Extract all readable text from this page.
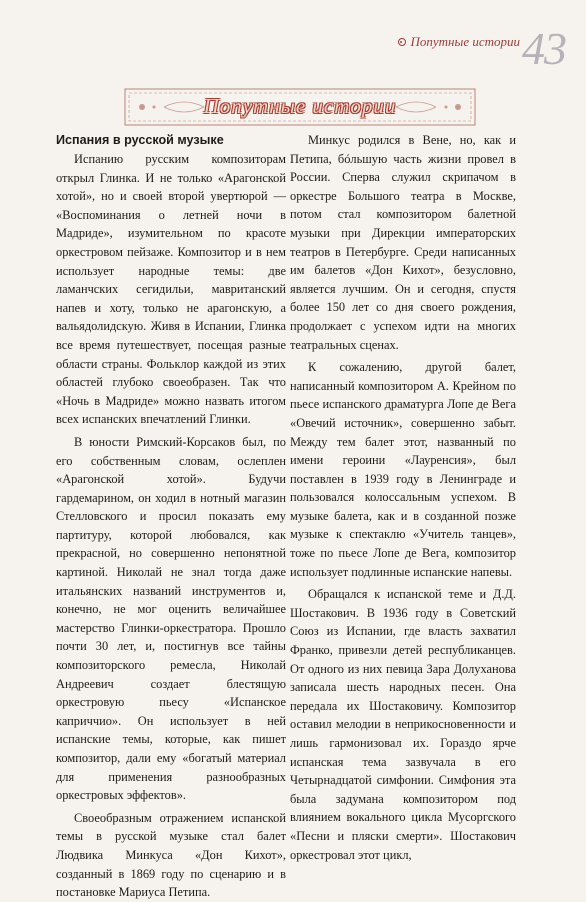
Попутные истории 43
Попутные истории
Испания в русской музыке

Испанию русским композиторам открыл Глинка. И не только «Арагонской хотой», но и своей второй увертюрой — «Воспоминания о летней ночи в Мадриде», изумительном по красоте оркестровом пейзаже. Композитор и в нем использует народные темы: две ламанчских сегидильи, мавританский напев и хоту, только не арагонскую, а вальядолидскую. Живя в Испании, Глинка все время путешествует, посещая разные области страны. Фольклор каждой из этих областей глубоко своеобразен. Так что «Ночь в Мадриде» можно назвать итогом всех испанских впечатлений Глинки.

В юности Римский-Корсаков был, по его собственным словам, ослеплен «Арагонской хотой». Будучи гардемарином, он ходил в нотный магазин Стелловского и просил показать ему партитуру, которой любовался, как прекрасной, но совершенно непонятной картиной. Николай не знал тогда даже итальянских названий инструментов и, конечно, не мог оценить величайшее мастерство Глинки-оркестратора. Прошло почти 30 лет, и, постигнув все тайны композиторского ремесла, Николай Андреевич создает блестящую оркестровую пьесу «Испанское каприччио». Он использует в ней испанские темы, которые, как пишет композитор, дали ему «богатый материал для применения разнообразных оркестровых эффектов».

Своеобразным отражением испанской темы в русской музыке стал балет Людвика Минкуса «Дон Кихот», созданный в 1869 году по сценарию и в постановке Мариуса Петипа.

Минкус родился в Вене, но, как и Петипа, бóльшую часть жизни провел в России. Сперва служил скрипачом в оркестре Большого театра в Москве, потом стал композитором балетной музыки при Дирекции императорских театров в Петербурге. Среди написанных им балетов «Дон Кихот», безусловно, является лучшим. Он и сегодня, спустя более 150 лет со дня своего рождения, продолжает с успехом идти на многих театральных сценах.

К сожалению, другой балет, написанный композитором А. Крейном по пьесе испанского драматурга Лопе де Вега «Овечий источник», совершенно забыт. Между тем балет этот, названный по имени героини «Лауренсия», был поставлен в 1939 году в Ленинграде и пользовался колоссальным успехом. В музыке балета, как и в созданной позже музыке к спектаклю «Учитель танцев», тоже по пьесе Лопе де Вега, композитор использует подлинные испанские напевы.

Обращался к испанской теме и Д.Д. Шостакович. В 1936 году в Советский Союз из Испании, где власть захватил Франко, привезли детей республиканцев. От одного из них певица Зара Долуханова записала шесть народных песен. Она передала их Шостаковичу. Композитор оставил мелодии в неприкосновенности и лишь гармонизовал их. Гораздо ярче испанская тема зазвучала в его Четырнадцатой симфонии. Симфония эта была задумана композитором под влиянием вокального цикла Мусоргского «Песни и пляски смерти». Шостакович оркестровал этот цикл,
